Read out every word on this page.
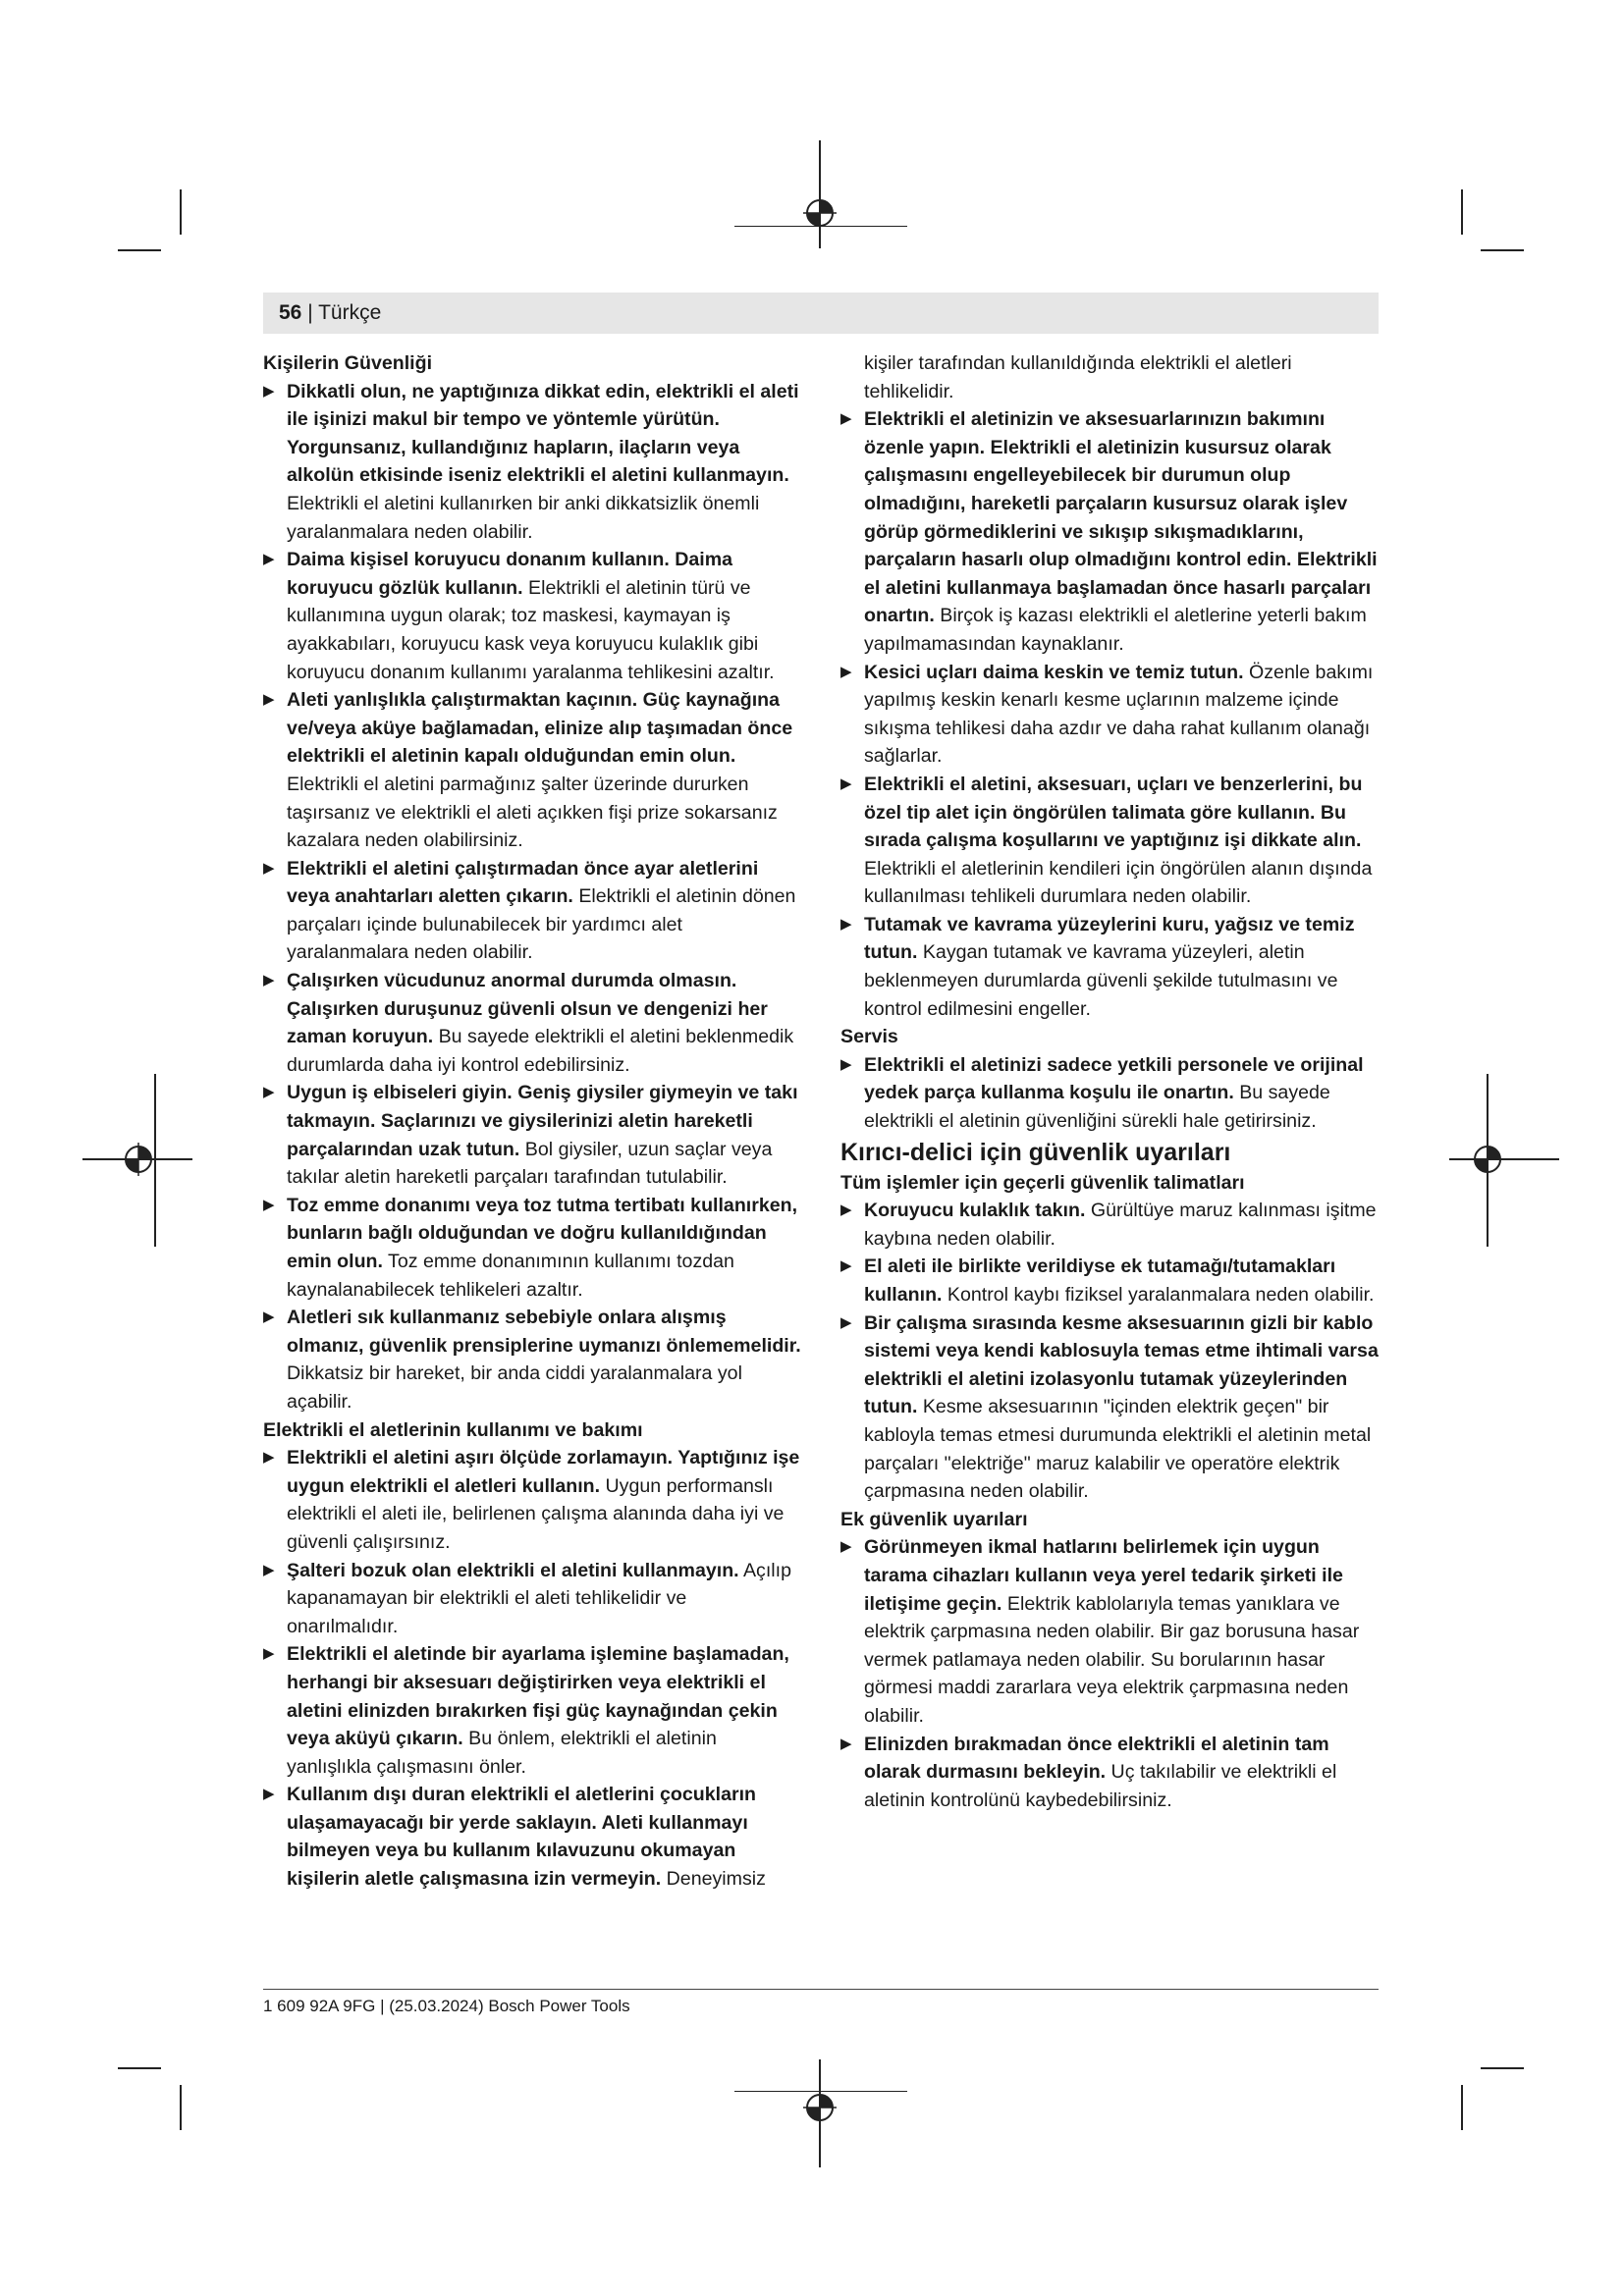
56 | Türkçe

Kişilerin Güvenliği

▶ Dikkatli olun, ne yaptığınıza dikkat edin, elektrikli el aleti ile işinizi makul bir tempo ve yöntemle yürütün. Yorgunsanız, kullandığınız hapların, ilaçların veya alkolün etkisinde iseniz elektrikli el aletini kullanmayın. Elektrikli el aletini kullanırken bir anki dikkatsizlik önemli yaralanmalara neden olabilir.

▶ Daima kişisel koruyucu donanım kullanın. Daima koruyucu gözlük kullanın. Elektrikli el aletinin türü ve kullanımına uygun olarak; toz maskesi, kaymayan iş ayakkabıları, koruyucu kask veya koruyucu kulaklık gibi koruyucu donanım kullanımı yaralanma tehlikesini azaltır.

▶ Aleti yanlışlıkla çalıştırmaktan kaçının. Güç kaynağına ve/veya aküye bağlamadan, elinize alıp taşımadan önce elektrikli el aletinin kapalı olduğundan emin olun. Elektrikli el aletini parmağınız şalter üzerinde dururken taşırsanız ve elektrikli el aleti açıkken fişi prize sokarsanız kazalara neden olabilirsiniz.

▶ Elektrikli el aletini çalıştırmadan önce ayar aletlerini veya anahtarları aletten çıkarın. Elektrikli el aletinin dönen parçaları içinde bulunabilecek bir yardımcı alet yaralanmalara neden olabilir.

▶ Çalışırken vücudunuz anormal durumda olmasın. Çalışırken duruşunuz güvenli olsun ve dengenizi her zaman koruyun. Bu sayede elektrikli el aletini beklenmedik durumlarda daha iyi kontrol edebilirsiniz.

▶ Uygun iş elbiseleri giyin. Geniş giysiler giymeyin ve takı takmayın. Saçlarınızı ve giysilerinizi aletin hareketli parçalarından uzak tutun. Bol giysiler, uzun saçlar veya takılar aletin hareketli parçaları tarafından tutulabilir.

▶ Toz emme donanımı veya toz tutma tertibatı kullanırken, bunların bağlı olduğundan ve doğru kullanıldığından emin olun. Toz emme donanımının kullanımı tozdan kaynalanabilecek tehlikeleri azaltır.

▶ Aletleri sık kullanmanız sebebiyle onlara alışmış olmanız, güvenlik prensiplerine uymanızı önlememelidir. Dikkatsiz bir hareket, bir anda ciddi yaralanmalara yol açabilir.

Elektrikli el aletlerinin kullanımı ve bakımı

▶ Elektrikli el aletini aşırı ölçüde zorlamayın. Yaptığınız işe uygun elektrikli el aletleri kullanın. Uygun performanslı elektrikli el aleti ile, belirlenen çalışma alanında daha iyi ve güvenli çalışırsınız.

▶ Şalteri bozuk olan elektrikli el aletini kullanmayın. Açılıp kapanamayan bir elektrikli el aleti tehlikelidir ve onarılmalıdır.

▶ Elektrikli el aletinde bir ayarlama işlemine başlamadan, herhangi bir aksesuarı değiştirirken veya elektrikli el aletini elinizden bırakırken fişi güç kaynağından çekin veya aküyü çıkarın. Bu önlem, elektrikli el aletinin yanlışlıkla çalışmasını önler.

▶ Kullanım dışı duran elektrikli el aletlerini çocukların ulaşamayacağı bir yerde saklayın. Aleti kullanmayı bilmeyen veya bu kullanım kılavuzunu okumayan kişilerin aletle çalışmasına izin vermeyin. Deneyimsiz

kişiler tarafından kullanıldığında elektrikli el aletleri tehlikelidir.

▶ Elektrikli el aletinizin ve aksesuarlarınızın bakımını özenle yapın. Elektrikli el aletinizin kusursuz olarak çalışmasını engelleyebilecek bir durumun olup olmadığını, hareketli parçaların kusursuz olarak işlev görüp görmediklerini ve sıkışıp sıkışmadıklarını, parçaların hasarlı olup olmadığını kontrol edin. Elektrikli el aletini kullanmaya başlamadan önce hasarlı parçaları onartın. Birçok iş kazası elektrikli el aletlerine yeterli bakım yapılmamasından kaynaklanır.

▶ Kesici uçları daima keskin ve temiz tutun. Özenle bakımı yapılmış keskin kenarlı kesme uçlarının malzeme içinde sıkışma tehlikesi daha azdır ve daha rahat kullanım olanağı sağlarlar.

▶ Elektrikli el aletini, aksesuarı, uçları ve benzerlerini, bu özel tip alet için öngörülen talimata göre kullanın. Bu sırada çalışma koşullarını ve yaptığınız işi dikkate alın. Elektrikli el aletlerinin kendileri için öngörülen alanın dışında kullanılması tehlikeli durumlara neden olabilir.

▶ Tutamak ve kavrama yüzeylerini kuru, yağsız ve temiz tutun. Kaygan tutamak ve kavrama yüzeyleri, aletin beklenmeyen durumlarda güvenli şekilde tutulmasını ve kontrol edilmesini engeller.

Servis

▶ Elektrikli el aletinizi sadece yetkili personele ve orijinal yedek parça kullanma koşulu ile onartın. Bu sayede elektrikli el aletinin güvenliğini sürekli hale getirirsiniz.

Kırıcı-delici için güvenlik uyarıları

Tüm işlemler için geçerli güvenlik talimatları

▶ Koruyucu kulaklık takın. Gürültüye maruz kalınması işitme kaybına neden olabilir.

▶ El aleti ile birlikte verildiyse ek tutamağı/tutamakları kullanın. Kontrol kaybı fiziksel yaralanmalara neden olabilir.

▶ Bir çalışma sırasında kesme aksesuarının gizli bir kablo sistemi veya kendi kablosuyla temas etme ihtimali varsa elektrikli el aletini izolasyonlu tutamak yüzeylerinden tutun. Kesme aksesuarının "içinden elektrik geçen" bir kabloyla temas etmesi durumunda elektrikli el aletinin metal parçaları "elektriğe" maruz kalabilir ve operatöre elektrik çarpmasına neden olabilir.

Ek güvenlik uyarıları

▶ Görünmeyen ikmal hatlarını belirlemek için uygun tarama cihazları kullanın veya yerel tedarik şirketi ile iletişime geçin. Elektrik kablolarıyla temas yanıklara ve elektrik çarpmasına neden olabilir. Bir gaz borusuna hasar vermek patlamaya neden olabilir. Su borularının hasar görmesi maddi zararlara veya elektrik çarpmasına neden olabilir.

▶ Elinizden bırakmadan önce elektrikli el aletinin tam olarak durmasını bekleyin. Uç takılabilir ve elektrikli el aletinin kontrolünü kaybedebilirsiniz.

1 609 92A 9FG | (25.03.2024) Bosch Power Tools
